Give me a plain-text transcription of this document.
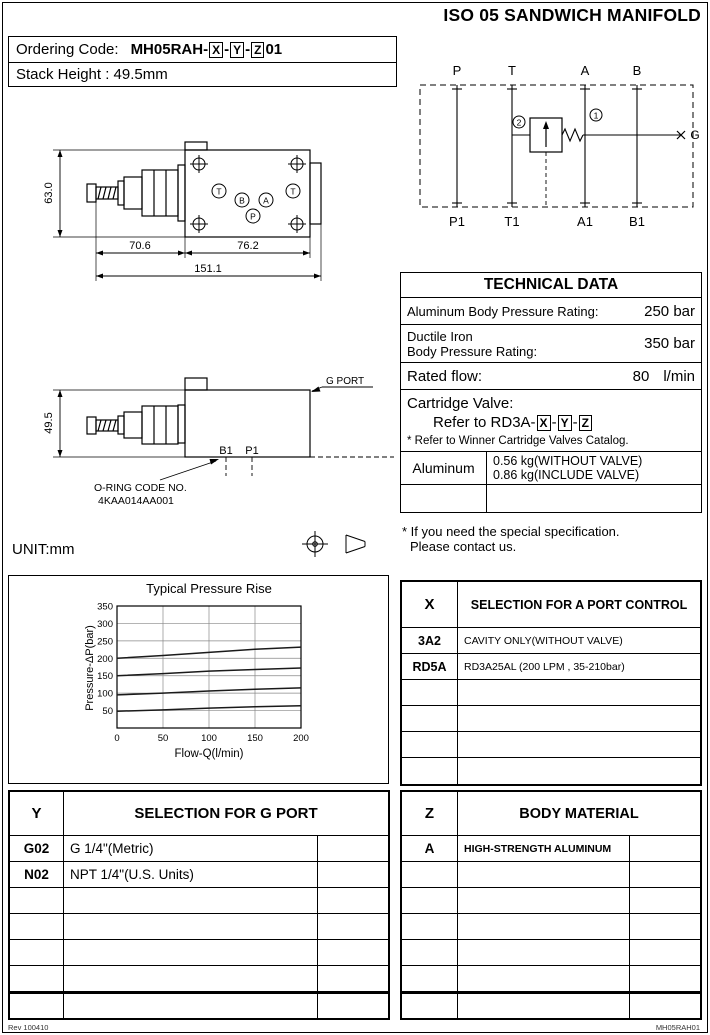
ISO 05 SANDWICH MANIFOLD
Ordering Code: MH05RAH- X - Y - Z 01
Stack Height : 49.5mm
T
B A
T
P
63.0
70.6	76.2
151.1
49.5
G PORT
B1 P1
O-RING CODE NO.
4KAA014AA001
UNIT:mm
P	T	A	B
2
1
G
P1	T1	A1	B1
TECHNICAL DATA
Aluminum Body Pressure Rating:	250 bar
Ductile Iron
Body Pressure Rating:	350 bar
Rated flow:	80 l/min
Cartridge Valve:
Refer to RD3A- X - Y - Z
* Refer to Winner Cartridge Valves Catalog.
Aluminum	0.56 kg(WITHOUT VALVE)
0.86 kg(INCLUDE VALVE)
* If you need the special specification.
Please contact us.
50
100
150
200
250
300
350
0	50	100	150	200
Typical Pressure Rise
Flow-Q(l/min)
Pressure-ΔP(bar)
X	SELECTION FOR A PORT CONTROL
3A2	CAVITY ONLY(WITHOUT VALVE)
RD5A	RD3A25AL (200 LPM , 35-210bar)
Y	SELECTION FOR G PORT
G02	G 1/4"(Metric)
N02	NPT 1/4"(U.S. Units)
Z	BODY MATERIAL
A	HIGH-STRENGTH ALUMINUM
Rev 100410	MH05RAH01
